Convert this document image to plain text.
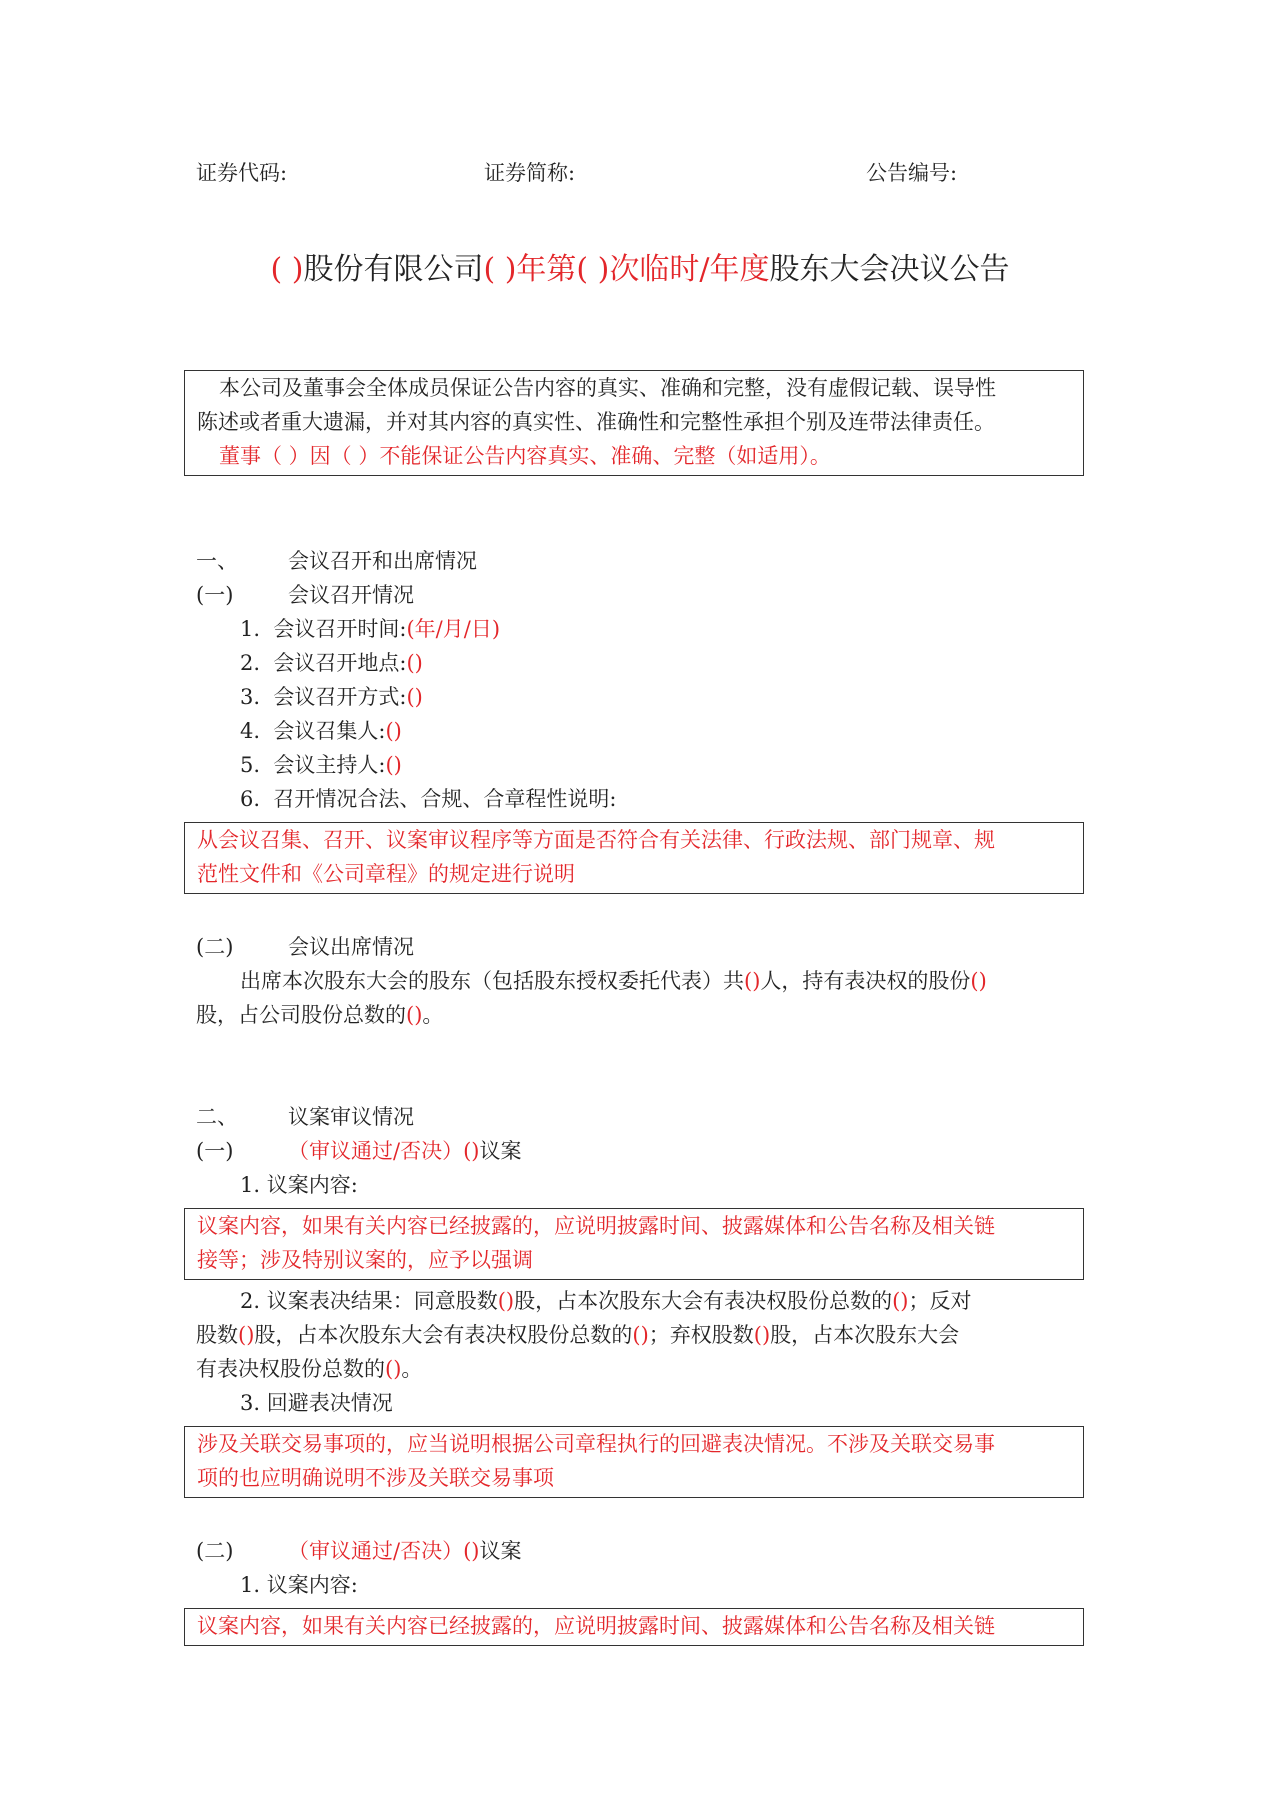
证券代码:	证券简称:	公告编号:
( )股份有限公司( )年第( )次临时/年度股东大会决议公告
本公司及董事会全体成员保证公告内容的真实、准确和完整，没有虚假记载、误导性
陈述或者重大遗漏，并对其内容的真实性、准确性和完整性承担个别及连带法律责任。
董事（ ）因（ ）不能保证公告内容真实、准确、完整（如适用）。
一、 会议召开和出席情况
(一)	会议召开情况
1. 会议召开时间:(年/月/日)
2. 会议召开地点:()
3. 会议召开方式:()
4. 会议召集人:()
5. 会议主持人:()
6. 召开情况合法、合规、合章程性说明:
从会议召集、召开、议案审议程序等方面是否符合有关法律、行政法规、部门规章、规
范性文件和《公司章程》的规定进行说明
(二)	会议出席情况
出席本次股东大会的股东（包括股东授权委托代表）共()人，持有表决权的股份()
股，占公司股份总数的()。
二、 议案审议情况
(一)	（审议通过/否决）()议案
1. 议案内容:
议案内容，如果有关内容已经披露的，应说明披露时间、披露媒体和公告名称及相关链
接等；涉及特别议案的，应予以强调
2. 议案表决结果：同意股数()股，占本次股东大会有表决权股份总数的()；反对
股数()股，占本次股东大会有表决权股份总数的()；弃权股数()股，占本次股东大会
有表决权股份总数的()。
3. 回避表决情况
涉及关联交易事项的，应当说明根据公司章程执行的回避表决情况。不涉及关联交易事
项的也应明确说明不涉及关联交易事项
(二)	（审议通过/否决）()议案
1. 议案内容:
议案内容，如果有关内容已经披露的，应说明披露时间、披露媒体和公告名称及相关链
